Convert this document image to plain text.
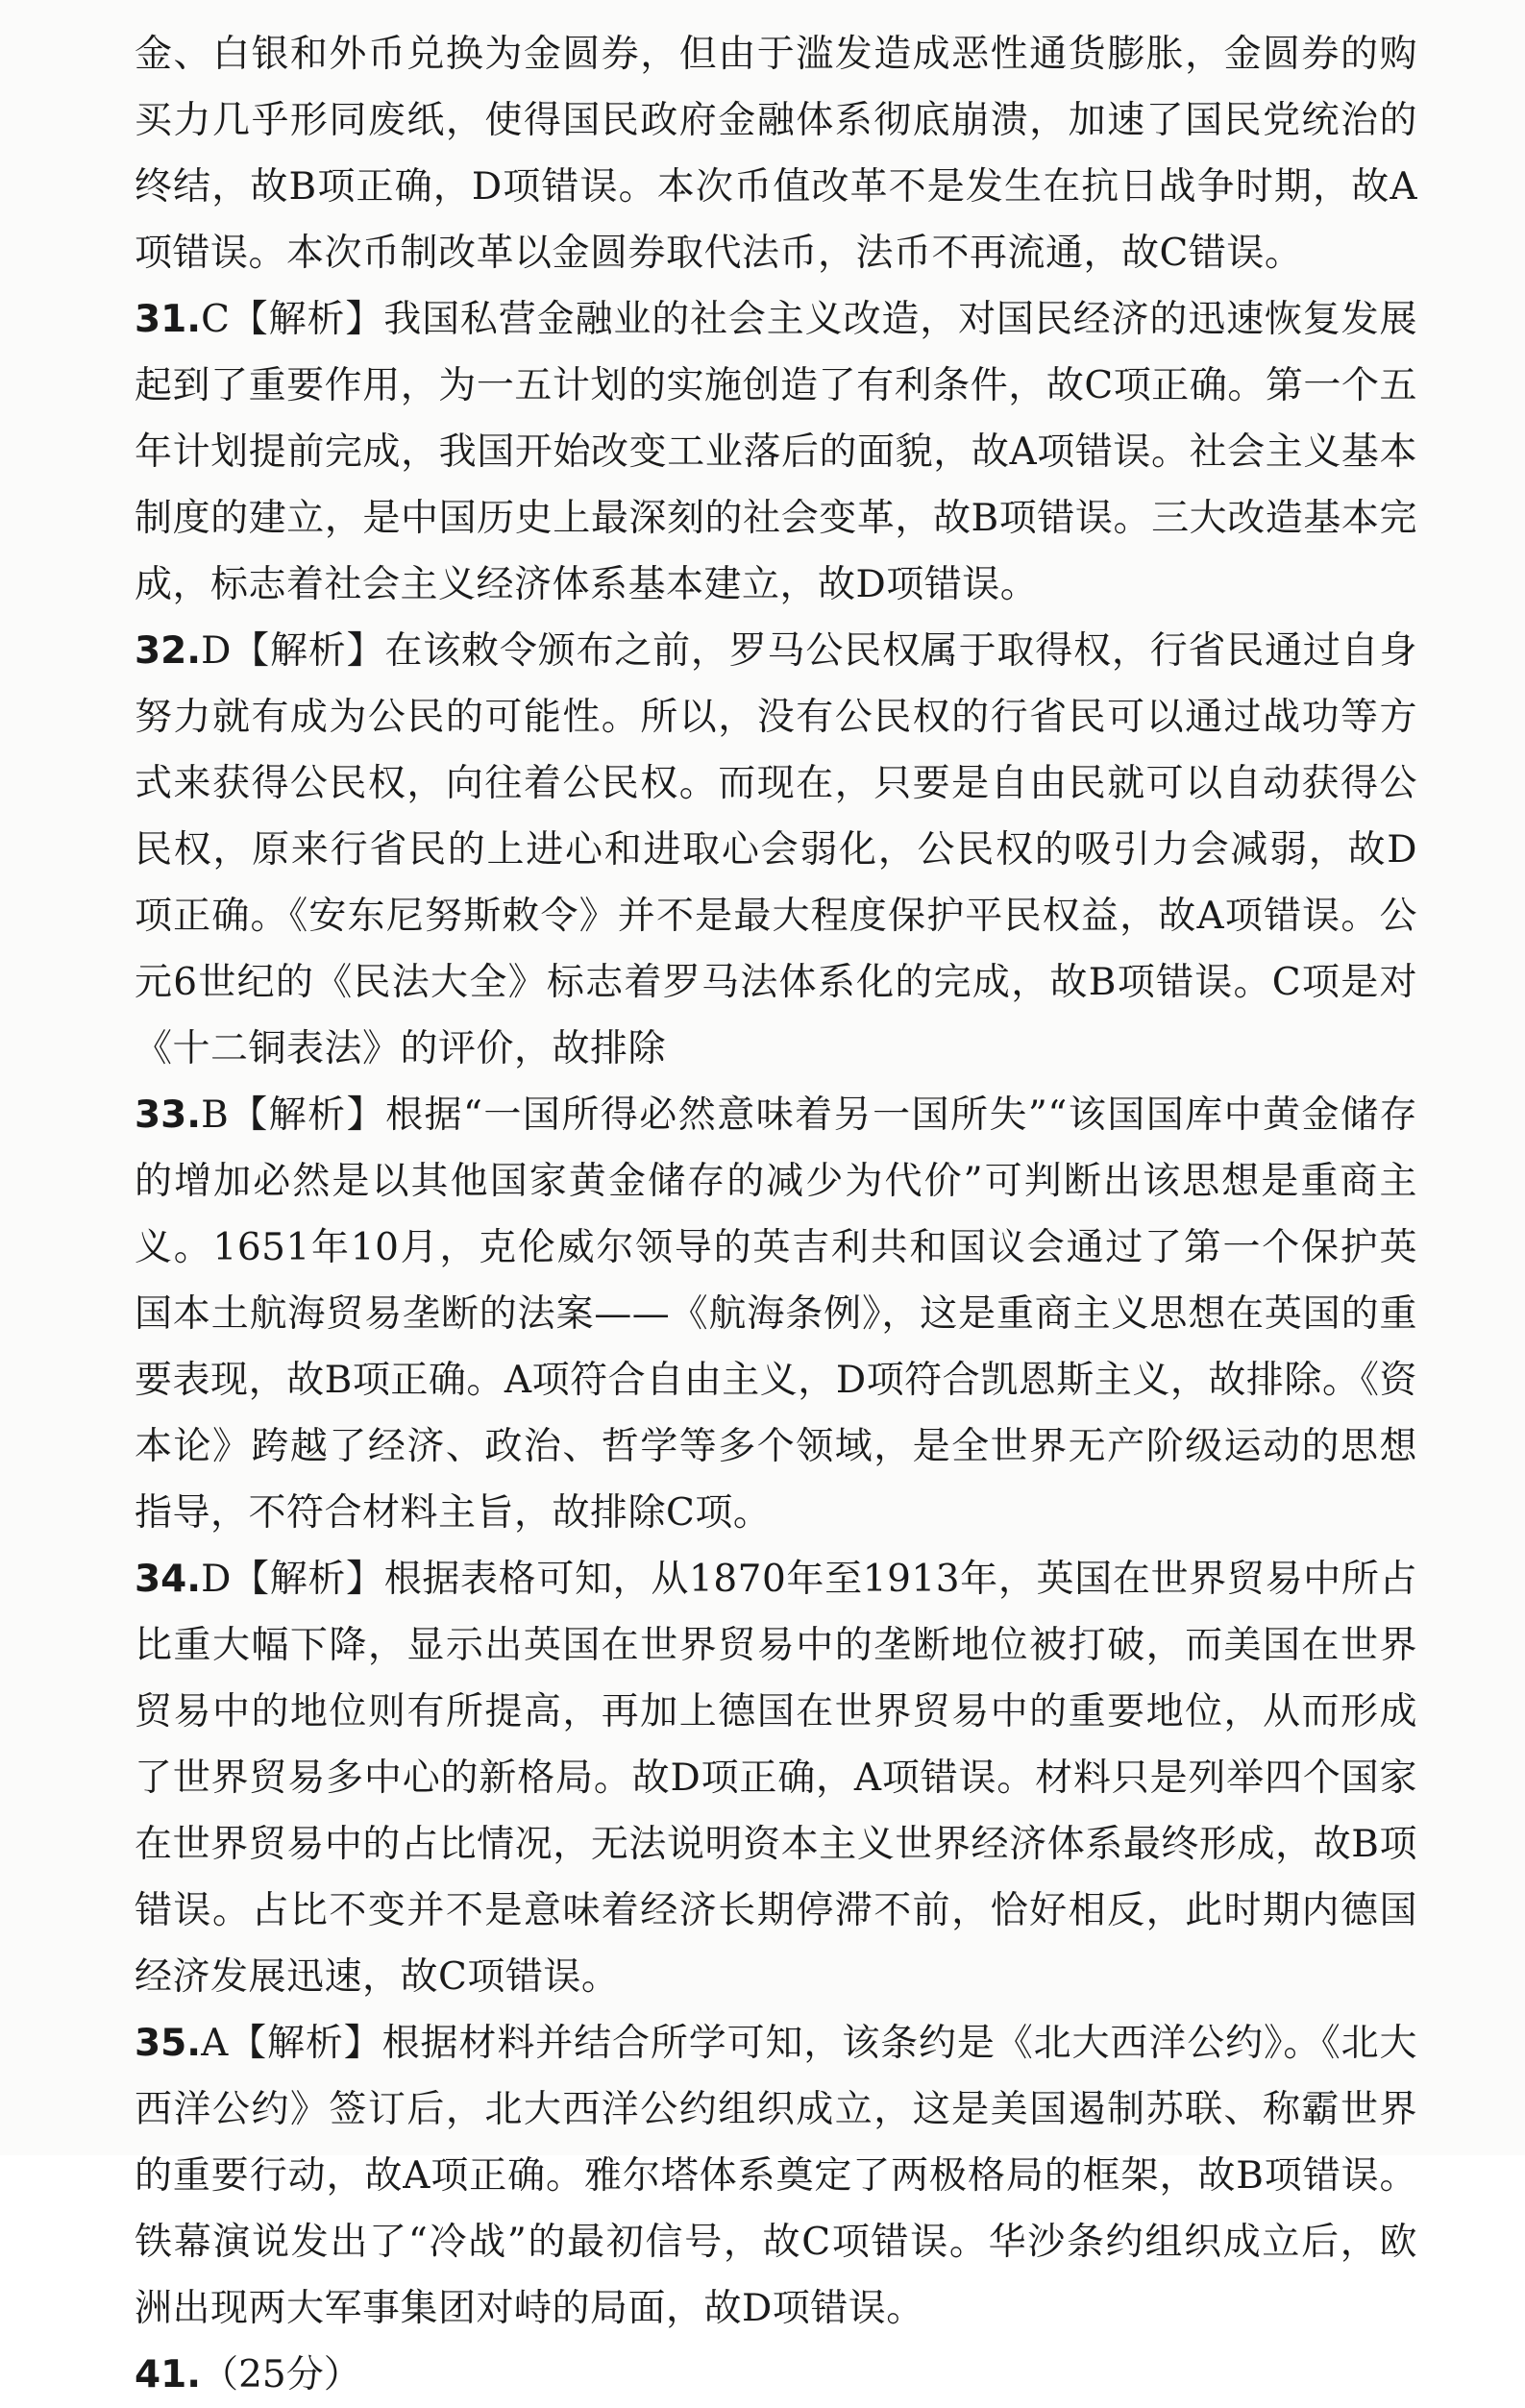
金、白银和外币兑换为金圆券，但由于滥发造成恶性通货膨胀，金圆券的购买力几乎形同废纸，使得国民政府金融体系彻底崩溃，加速了国民党统治的终结，故B项正确，D项错误。本次币值改革不是发生在抗日战争时期，故A项错误。本次币制改革以金圆券取代法币，法币不再流通，故C错误。

31.C【解析】我国私营金融业的社会主义改造，对国民经济的迅速恢复发展起到了重要作用，为一五计划的实施创造了有利条件，故C项正确。第一个五年计划提前完成，我国开始改变工业落后的面貌，故A项错误。社会主义基本制度的建立，是中国历史上最深刻的社会变革，故B项错误。三大改造基本完成，标志着社会主义经济体系基本建立，故D项错误。

32.D【解析】在该敕令颁布之前，罗马公民权属于取得权，行省民通过自身努力就有成为公民的可能性。所以，没有公民权的行省民可以通过战功等方式来获得公民权，向往着公民权。而现在，只要是自由民就可以自动获得公民权，原来行省民的上进心和进取心会弱化，公民权的吸引力会减弱，故D项正确。《安东尼努斯敕令》并不是最大程度保护平民权益，故A项错误。公元6世纪的《民法大全》标志着罗马法体系化的完成，故B项错误。C项是对《十二铜表法》的评价，故排除

33.B【解析】根据“一国所得必然意味着另一国所失”“该国国库中黄金储存的增加必然是以其他国家黄金储存的减少为代价”可判断出该思想是重商主义。1651年10月，克伦威尔领导的英吉利共和国议会通过了第一个保护英国本土航海贸易垄断的法案——《航海条例》，这是重商主义思想在英国的重要表现，故B项正确。A项符合自由主义，D项符合凯恩斯主义，故排除。《资本论》跨越了经济、政治、哲学等多个领域，是全世界无产阶级运动的思想指导，不符合材料主旨，故排除C项。

34.D【解析】根据表格可知，从1870年至1913年，英国在世界贸易中所占比重大幅下降，显示出英国在世界贸易中的垄断地位被打破，而美国在世界贸易中的地位则有所提高，再加上德国在世界贸易中的重要地位，从而形成了世界贸易多中心的新格局。故D项正确，A项错误。材料只是列举四个国家在世界贸易中的占比情况，无法说明资本主义世界经济体系最终形成，故B项错误。占比不变并不是意味着经济长期停滞不前，恰好相反，此时期内德国经济发展迅速，故C项错误。

35.A【解析】根据材料并结合所学可知，该条约是《北大西洋公约》。《北大西洋公约》签订后，北大西洋公约组织成立，这是美国遏制苏联、称霸世界的重要行动，故A项正确。雅尔塔体系奠定了两极格局的框架，故B项错误。铁幕演说发出了“冷战”的最初信号，故C项错误。华沙条约组织成立后，欧洲出现两大军事集团对峙的局面，故D项错误。

41.（25分）
